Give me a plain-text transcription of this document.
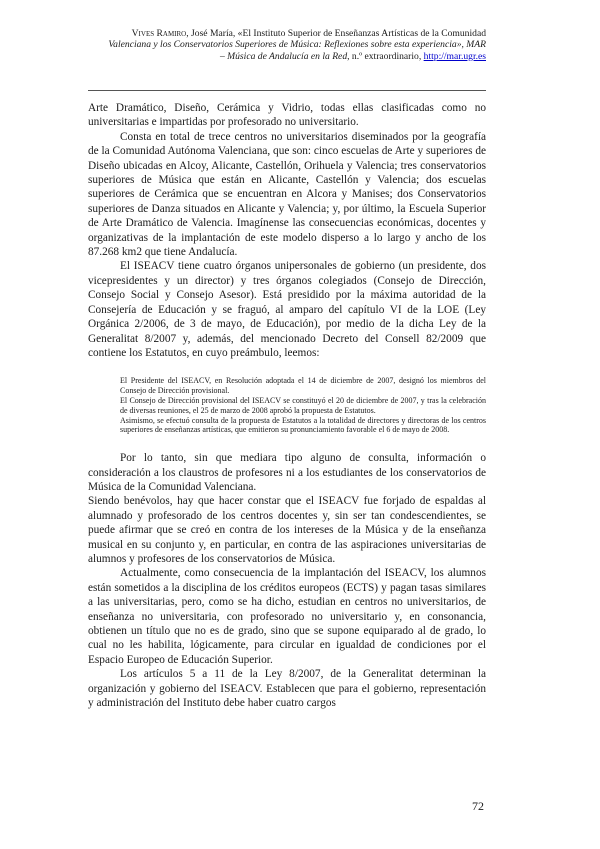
Vives Ramiro, José María, «El Instituto Superior de Enseñanzas Artísticas de la Comunidad
Valenciana y los Conservatorios Superiores de Música: Reflexiones sobre esta experiencia», MAR
– Música de Andalucía en la Red, n.º extraordinario, http://mar.ugr.es

Arte Dramático, Diseño, Cerámica y Vidrio, todas ellas clasificadas como no universitarias e impartidas por profesorado no universitario.

Consta en total de trece centros no universitarios diseminados por la geografía de la Comunidad Autónoma Valenciana, que son: cinco escuelas de Arte y superiores de Diseño ubicadas en Alcoy, Alicante, Castellón, Orihuela y Valencia; tres conservatorios superiores de Música que están en Alicante, Castellón y Valencia; dos escuelas superiores de Cerámica que se encuentran en Alcora y Manises; dos Conservatorios superiores de Danza situados en Alicante y Valencia; y, por último, la Escuela Superior de Arte Dramático de Valencia. Imagínense las consecuencias económicas, docentes y organizativas de la implantación de este modelo disperso a lo largo y ancho de los 87.268 km2 que tiene Andalucía.

El ISEACV tiene cuatro órganos unipersonales de gobierno (un presidente, dos vicepresidentes y un director) y tres órganos colegiados (Consejo de Dirección, Consejo Social y Consejo Asesor). Está presidido por la máxima autoridad de la Consejería de Educación y se fraguó, al amparo del capítulo VI de la LOE (Ley Orgánica 2/2006, de 3 de mayo, de Educación), por medio de la dicha Ley de la Generalitat 8/2007 y, además, del mencionado Decreto del Consell 82/2009 que contiene los Estatutos, en cuyo preámbulo, leemos:

El Presidente del ISEACV, en Resolución adoptada el 14 de diciembre de 2007, designó los miembros del Consejo de Dirección provisional.

El Consejo de Dirección provisional del ISEACV se constituyó el 20 de diciembre de 2007, y tras la celebración de diversas reuniones, el 25 de marzo de 2008 aprobó la propuesta de Estatutos.

Asimismo, se efectuó consulta de la propuesta de Estatutos a la totalidad de directores y directoras de los centros superiores de enseñanzas artísticas, que emitieron su pronunciamiento favorable el 6 de mayo de 2008.

Por lo tanto, sin que mediara tipo alguno de consulta, información o consideración a los claustros de profesores ni a los estudiantes de los conservatorios de Música de la Comunidad Valenciana.

Siendo benévolos, hay que hacer constar que el ISEACV fue forjado de espaldas al alumnado y profesorado de los centros docentes y, sin ser tan condescendientes, se puede afirmar que se creó en contra de los intereses de la Música y de la enseñanza musical en su conjunto y, en particular, en contra de las aspiraciones universitarias de alumnos y profesores de los conservatorios de Música.

Actualmente, como consecuencia de la implantación del ISEACV, los alumnos están sometidos a la disciplina de los créditos europeos (ECTS) y pagan tasas similares a las universitarias, pero, como se ha dicho, estudian en centros no universitarios, de enseñanza no universitaria, con profesorado no universitario y, en consonancia, obtienen un título que no es de grado, sino que se supone equiparado al de grado, lo cual no les habilita, lógicamente, para circular en igualdad de condiciones por el Espacio Europeo de Educación Superior.

Los artículos 5 a 11 de la Ley 8/2007, de la Generalitat determinan la organización y gobierno del ISEACV. Establecen que para el gobierno, representación y administración del Instituto debe haber cuatro cargos

72
